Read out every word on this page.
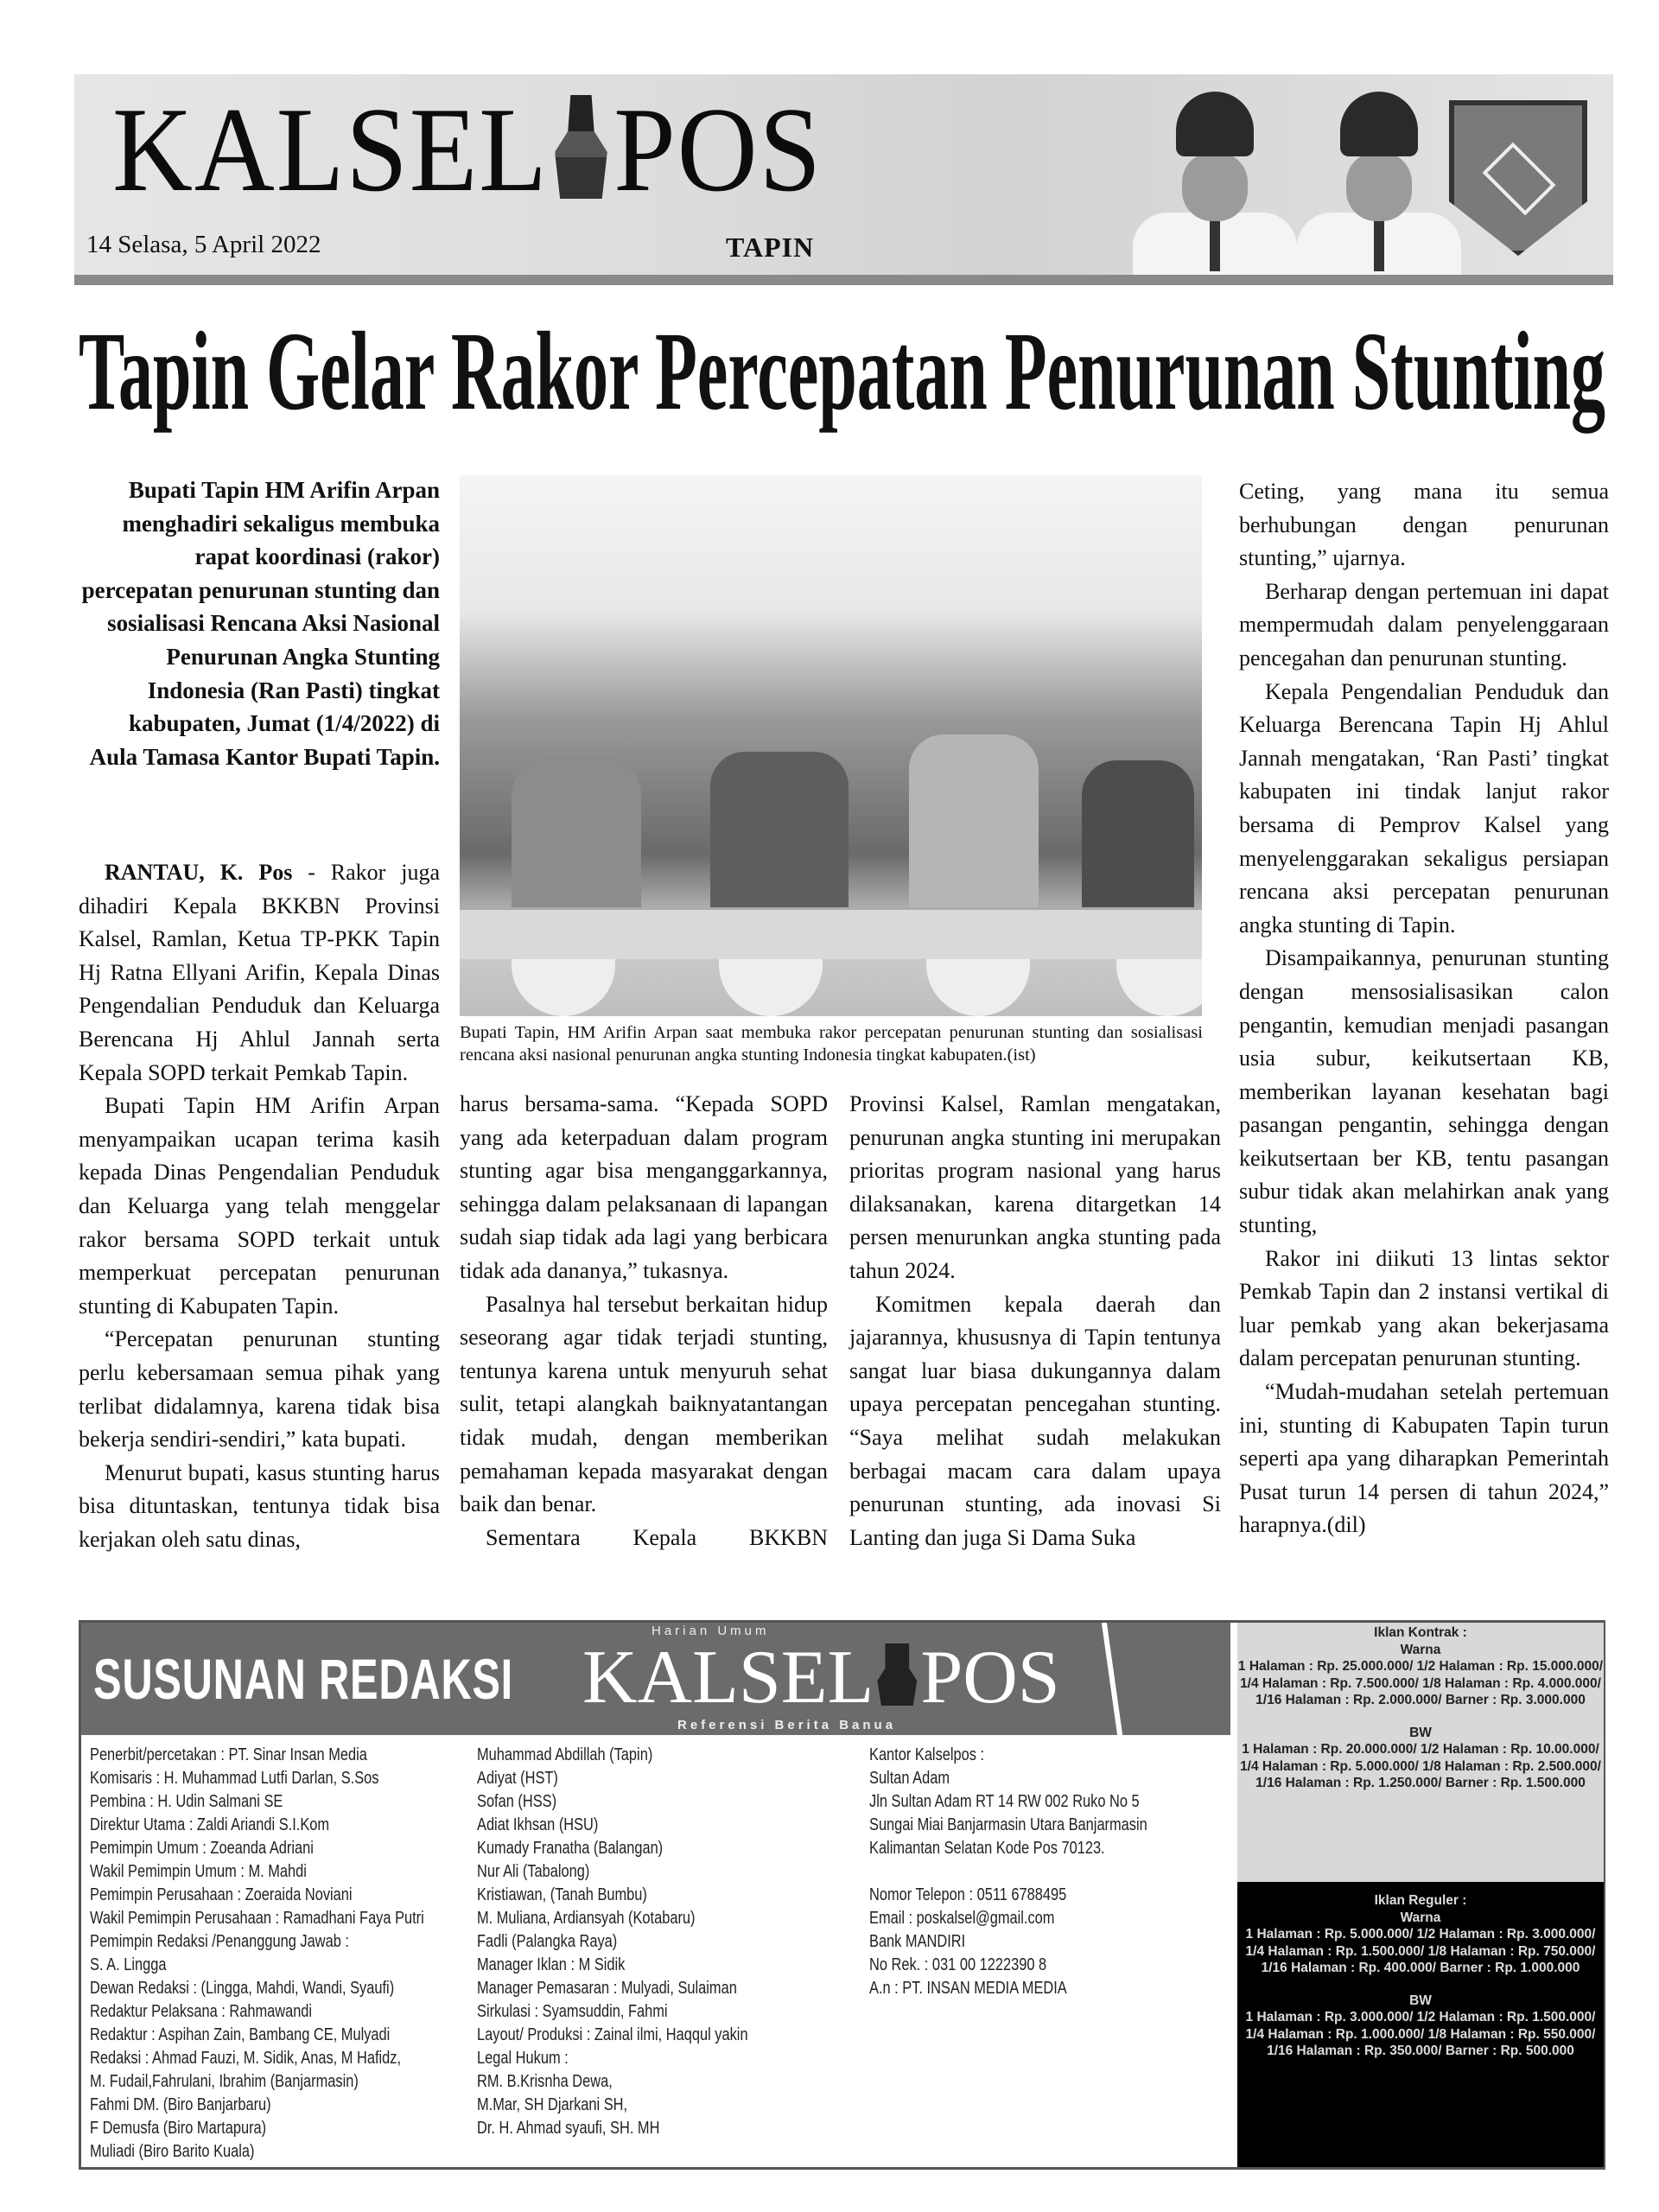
KALSEL POS
14 Selasa, 5 April 2022	TAPIN
Tapin Gelar Rakor Percepatan Penurunan Stunting
Bupati Tapin HM Arifin Arpan menghadiri sekaligus membuka rapat koordinasi (rakor) percepatan penurunan stunting dan sosialisasi Rencana Aksi Nasional Penurunan Angka Stunting Indonesia (Ran Pasti) tingkat kabupaten, Jumat (1/4/2022) di Aula Tamasa Kantor Bupati Tapin.

RANTAU, K. Pos - Rakor juga dihadiri Kepala BKKBN Provinsi Kalsel, Ramlan, Ketua TP-PKK Tapin Hj Ratna Ellyani Arifin, Kepala Dinas Pengendalian Penduduk dan Keluarga Berencana Hj Ahlul Jannah serta Kepala SOPD terkait Pemkab Tapin.

Bupati Tapin HM Arifin Arpan menyampaikan ucapan terima kasih kepada Dinas Pengendalian Penduduk dan Keluarga yang telah menggelar rakor bersama SOPD terkait untuk memperkuat percepatan penurunan stunting di Kabupaten Tapin.

“Percepatan penurunan stunting perlu kebersamaan semua pihak yang terlibat didalamnya, karena tidak bisa bekerja sendiri-sendiri,” kata bupati.

Menurut bupati, kasus stunting harus bisa dituntaskan, tentunya tidak bisa kerjakan oleh satu dinas,

Bupati Tapin, HM Arifin Arpan saat membuka rakor percepatan penurunan stunting dan sosialisasi rencana aksi nasional penurunan angka stunting Indonesia tingkat kabupaten.(ist)

harus bersama-sama. “Kepada SOPD yang ada keterpaduan dalam program stunting agar bisa menganggarkannya, sehingga dalam pelaksanaan di lapangan sudah siap tidak ada lagi yang berbicara tidak ada dananya,” tukasnya.

Pasalnya hal tersebut berkaitan hidup seseorang agar tidak terjadi stunting, tentunya karena untuk menyuruh sehat sulit, tetapi alangkah baiknyatantangan tidak mudah, dengan memberikan pemahaman kepada masyarakat dengan baik dan benar.

Sementara Kepala BKKBN

Provinsi Kalsel, Ramlan mengatakan, penurunan angka stunting ini merupakan prioritas program nasional yang harus dilaksanakan, karena ditargetkan 14 persen menurunkan angka stunting pada tahun 2024.

Komitmen kepala daerah dan jajarannya, khususnya di Tapin tentunya sangat luar biasa dukungannya dalam upaya percepatan pencegahan stunting. “Saya melihat sudah melakukan berbagai macam cara dalam upaya penurunan stunting, ada inovasi Si Lanting dan juga Si Dama Suka

Ceting, yang mana itu semua berhubungan dengan penurunan stunting,” ujarnya.

Berharap dengan pertemuan ini dapat mempermudah dalam penyelenggaraan pencegahan dan penurunan stunting.

Kepala Pengendalian Penduduk dan Keluarga Berencana Tapin Hj Ahlul Jannah mengatakan, ‘Ran Pasti’ tingkat kabupaten ini tindak lanjut rakor bersama di Pemprov Kalsel yang menyelenggarakan sekaligus persiapan rencana aksi percepatan penurunan angka stunting di Tapin.

Disampaikannya, penurunan stunting dengan mensosialisasikan calon pengantin, kemudian menjadi pasangan usia subur, keikutsertaan KB, memberikan layanan kesehatan bagi pasangan pengantin, sehingga dengan keikutsertaan ber KB, tentu pasangan subur tidak akan melahirkan anak yang stunting,

Rakor ini diikuti 13 lintas sektor Pemkab Tapin dan 2 instansi vertikal di luar pemkab yang akan bekerjasama dalam percepatan penurunan stunting.

“Mudah-mudahan setelah pertemuan ini, stunting di Kabupaten Tapin turun seperti apa yang diharapkan Pemerintah Pusat turun 14 persen di tahun 2024,” harapnya.(dil)

SUSUNAN REDAKSI
Harian Umum
KALSEL POS
Referensi Berita Banua
Penerbit/percetakan : PT. Sinar Insan Media
Komisaris : H. Muhammad Lutfi Darlan, S.Sos
Pembina : H. Udin Salmani SE
Direktur Utama : Zaldi Ariandi S.I.Kom
Pemimpin Umum : Zoeanda Adriani
Wakil Pemimpin Umum : M. Mahdi
Pemimpin Perusahaan : Zoeraida Noviani
Wakil Pemimpin Perusahaan : Ramadhani Faya Putri
Pemimpin Redaksi /Penanggung Jawab :
S. A. Lingga
Dewan Redaksi : (Lingga, Mahdi, Wandi, Syaufi)
Redaktur Pelaksana : Rahmawandi
Redaktur : Aspihan Zain, Bambang CE, Mulyadi
Redaksi : Ahmad Fauzi, M. Sidik, Anas, M Hafidz,
M. Fudail,Fahrulani, Ibrahim (Banjarmasin)
Fahmi DM. (Biro Banjarbaru)
F Demusfa (Biro Martapura)
Muliadi (Biro Barito Kuala)
Muhammad Abdillah (Tapin)
Adiyat (HST)
Sofan (HSS)
Adiat Ikhsan (HSU)
Kumady Franatha (Balangan)
Nur Ali (Tabalong)
Kristiawan, (Tanah Bumbu)
M. Muliana, Ardiansyah (Kotabaru)
Fadli (Palangka Raya)
Manager Iklan : M Sidik
Manager Pemasaran : Mulyadi, Sulaiman
Sirkulasi : Syamsuddin, Fahmi
Layout/ Produksi : Zainal ilmi, Haqqul yakin
Legal Hukum :
RM. B.Krisnha Dewa,
M.Mar, SH Djarkani SH,
Dr. H. Ahmad syaufi, SH. MH
Kantor Kalselpos :
Sultan Adam
Jln Sultan Adam RT 14 RW 002 Ruko No 5
Sungai Miai Banjarmasin Utara Banjarmasin
Kalimantan Selatan Kode Pos 70123.
Nomor Telepon : 0511 6788495
Email : poskalsel@gmail.com
Bank MANDIRI
No Rek. : 031 00 1222390 8
A.n : PT. INSAN MEDIA MEDIA
Iklan Kontrak :
Warna
1 Halaman : Rp. 25.000.000/ 1/2 Halaman : Rp. 15.000.000/ 1/4 Halaman : Rp. 7.500.000/ 1/8 Halaman : Rp. 4.000.000/ 1/16 Halaman : Rp. 2.000.000/ Barner : Rp. 3.000.000
BW
1 Halaman : Rp. 20.000.000/ 1/2 Halaman : Rp. 10.00.000/ 1/4 Halaman : Rp. 5.000.000/ 1/8 Halaman : Rp. 2.500.000/ 1/16 Halaman : Rp. 1.250.000/ Barner : Rp. 1.500.000
Iklan Reguler :
Warna
1 Halaman : Rp. 5.000.000/ 1/2 Halaman : Rp. 3.000.000/ 1/4 Halaman : Rp. 1.500.000/ 1/8 Halaman : Rp. 750.000/ 1/16 Halaman : Rp. 400.000/ Barner : Rp. 1.000.000
BW
1 Halaman : Rp. 3.000.000/ 1/2 Halaman : Rp. 1.500.000/ 1/4 Halaman : Rp. 1.000.000/ 1/8 Halaman : Rp. 550.000/ 1/16 Halaman : Rp. 350.000/ Barner : Rp. 500.000
